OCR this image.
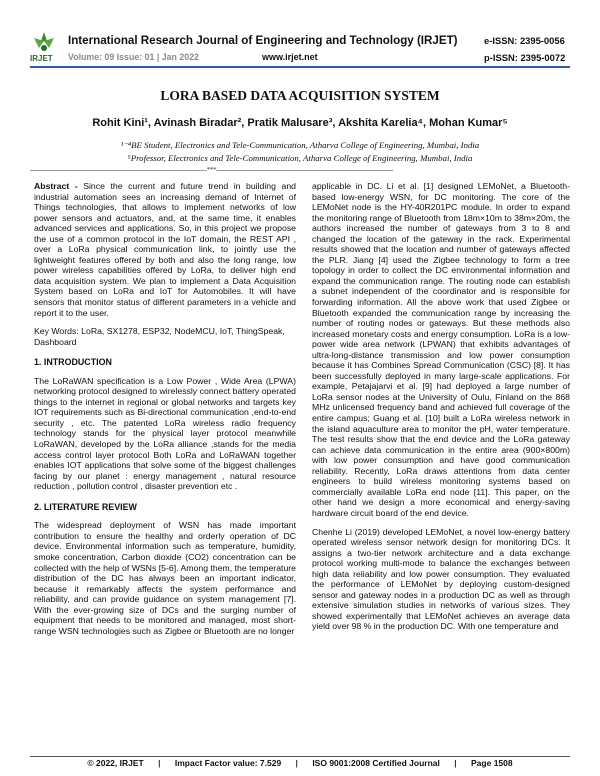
IRJET
International Research Journal of Engineering and Technology (IRJET)	e-ISSN: 2395-0056
Volume: 09 Issue: 01 | Jan 2022	www.irjet.net	p-ISSN: 2395-0072
LORA BASED DATA ACQUISITION SYSTEM
Rohit Kini¹, Avinash Biradar², Pratik Malusare³, Akshita Karelia⁴, Mohan Kumar⁵
¹⁻⁴BE Student, Electronics and Tele-Communication, Atharva College of Engineering, Mumbai, India
⁵Professor, Electronics and Tele-Communication, Atharva College of Engineering, Mumbai, India
---------------------------------------------------------------------------------------***---------------------------------------------------------------------------------------

Abstract - Since the current and future trend in building and industrial automation sees an increasing demand of Internet of Things technologies, that allows to implement networks of low power sensors and actuators, and, at the same time, it enables advanced services and applications. So, in this project we propose the use of a common protocol in the IoT domain, the REST API , over a LoRa physical communication link, to jointly use the lightweight features offered by both and also the long range, low power wireless capabilities offered by LoRa, to deliver high end data acquisition system. We plan to implement a Data Acquisition System based on LoRa and IoT for Automobiles. It will have sensors that monitor status of different parameters in a vehicle and report it to the user.

Key Words: LoRa, SX1278, ESP32, NodeMCU, IoT, ThingSpeak, Dashboard

1. INTRODUCTION

The LoRaWAN specification is a Low Power , Wide Area (LPWA) networking protocol designed to wirelessly connect battery operated things to the internet in regional or global networks and targets key IOT requirements such as Bi-directional communication ,end-to-end security , etc. The patented LoRa wireless radio frequency technology stands for the physical layer protocol meanwhile LoRaWAN, developed by the LoRa alliance ,stands for the media access control layer protocol Both LoRa and LoRaWAN together enables IOT applications that solve some of the biggest challenges facing by our planet : energy management , natural resource reduction , pollution control , disaster prevention etc .

2. LITERATURE REVIEW

The widespread deployment of WSN has made important contribution to ensure the healthy and orderly operation of DC device. Environmental information such as temperature, humidity, smoke concentration, Carbon dioxide (CO2) concentration can be collected with the help of WSNs [5-6]. Among them, the temperature distribution of the DC has always been an important indicator, because it remarkably affects the system performance and reliability, and can provide guidance on system management [7]. With the ever-growing size of DCs and the surging number of equipment that needs to be monitored and managed, most short-range WSN technologies such as Zigbee or Bluetooth are no longer

applicable in DC. Li et al. [1] designed LEMoNet, a Bluetooth-based low-energy WSN, for DC monitoring. The core of the LEMoNet node is the HY-40R201PC module. In order to expand the monitoring range of Bluetooth from 18m×10m to 38m×20m, the authors increased the number of gateways from 3 to 8 and changed the location of the gateway in the rack. Experimental results showed that the location and number of gateways affected the PLR. Jiang [4] used the Zigbee technology to form a tree topology in order to collect the DC environmental information and expand the communication range. The routing node can establish a subnet independent of the coordinator and is responsible for forwarding information. All the above work that used Zigbee or Bluetooth expanded the communication range by increasing the number of routing nodes or gateways. But these methods also increased monetary costs and energy consumption. LoRa is a low-power wide area network (LPWAN) that exhibits advantages of ultra-long-distance transmission and low power consumption because it has Combines Spread Communication (CSC) [8]. It has been successfully deployed in many large-scale applications. For example, Petajajarvi et al. [9] had deployed a large number of LoRa sensor nodes at the University of Oulu, Finland on the 868 MHz unlicensed frequency band and achieved full coverage of the entire campus; Guang et al. [10] built a LoRa wireless network in the island aquaculture area to monitor the pH, water temperature. The test results show that the end device and the LoRa gateway can achieve data communication in the entire area (900×800m) with low power consumption and have good communication reliability. Recently, LoRa draws attentions from data center engineers to build wireless monitoring systems based on commercially available LoRa end node [11]. This paper, on the other hand we design a more economical and energy-saving hardware circuit board of the end device.

Chenhe Li (2019) developed LEMoNet, a novel low-energy battery operated wireless sensor network design for monitoring DCs. It assigns a two-tier network architecture and a data exchange protocol working multi-mode to balance the exchanges between high data reliability and low power consumption. They evaluated the performance of LEMoNet by deploying custom-designed sensor and gateway nodes in a production DC as well as through extensive simulation studies in networks of various sizes. They showed experimentally that LEMoNet achieves an average data yield over 98 % in the production DC. With one temperature and

© 2022, IRJET | Impact Factor value: 7.529 | ISO 9001:2008 Certified Journal | Page 1508
